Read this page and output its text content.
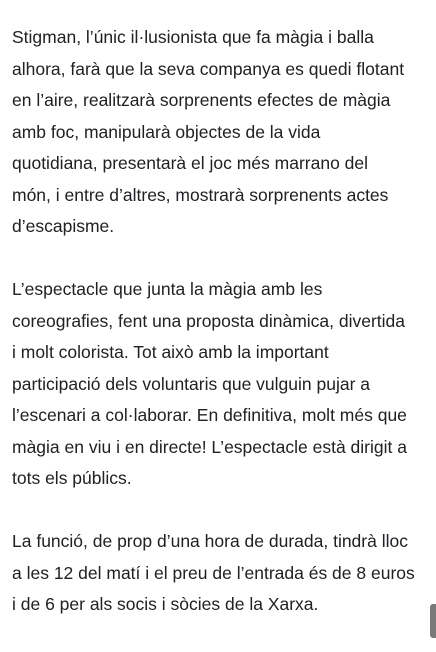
Stigman, l’únic il·lusionista que fa màgia i balla
alhora, farà que la seva companya es quedi flotant
en l’aire, realitzarà sorprenents efectes de màgia
amb foc, manipularà objectes de la vida
quotidiana, presentarà el joc més marrano del
món, i entre d’altres, mostrarà sorprenents actes
d’escapisme.

L’espectacle que junta la màgia amb les
coreografies, fent una proposta dinàmica, divertida
i molt colorista. Tot això amb la important
participació dels voluntaris que vulguin pujar a
l’escenari a col·laborar. En definitiva, molt més que
màgia en viu i en directe! L’espectacle està dirigit a
tots els públics.

La funció, de prop d’una hora de durada, tindrà lloc
a les 12 del matí i el preu de l’entrada és de 8 euros
i de 6 per als socis i sòcies de la Xarxa.
